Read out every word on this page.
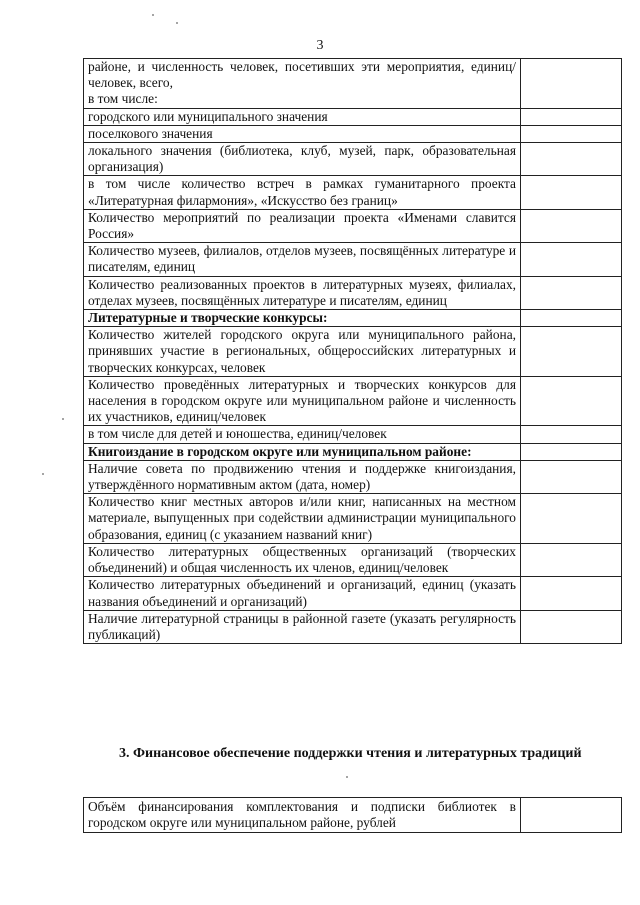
3
районе, и численность человек, посетивших эти мероприятия, единиц/человек, всего,
в том числе:	
городского или муниципального значения	
поселкового значения	
локального значения (библиотека, клуб, музей, парк, образовательная организация)	
в том числе количество встреч в рамках гуманитарного проекта «Литературная филармония», «Искусство без границ»	
Количество мероприятий по реализации проекта «Именами славится Россия»	
Количество музеев, филиалов, отделов музеев, посвящённых литературе и писателям, единиц	
Количество реализованных проектов в литературных музеях, филиалах, отделах музеев, посвящённых литературе и писателям, единиц	
Литературные и творческие конкурсы:	
Количество жителей городского округа или муниципального района, принявших участие в региональных, общероссийских литературных и творческих конкурсах, человек	
Количество проведённых литературных и творческих конкурсов для населения в городском округе или муниципальном районе и численность их участников, единиц/человек	
в том числе для детей и юношества, единиц/человек	
Книгоиздание в городском округе или муниципальном районе:	
Наличие совета по продвижению чтения и поддержке книгоиздания, утверждённого нормативным актом (дата, номер)	
Количество книг местных авторов и/или книг, написанных на местном материале, выпущенных при содействии администрации муниципального образования, единиц (с указанием названий книг)	
Количество литературных общественных организаций (творческих объединений) и общая численность их членов, единиц/человек	
Количество литературных объединений и организаций, единиц (указать названия объединений и организаций)	
Наличие литературной страницы в районной газете (указать регулярность публикаций)	
3. Финансовое обеспечение поддержки чтения и литературных традиций
Объём финансирования комплектования и подписки библиотек в городском округе или муниципальном районе, рублей	
